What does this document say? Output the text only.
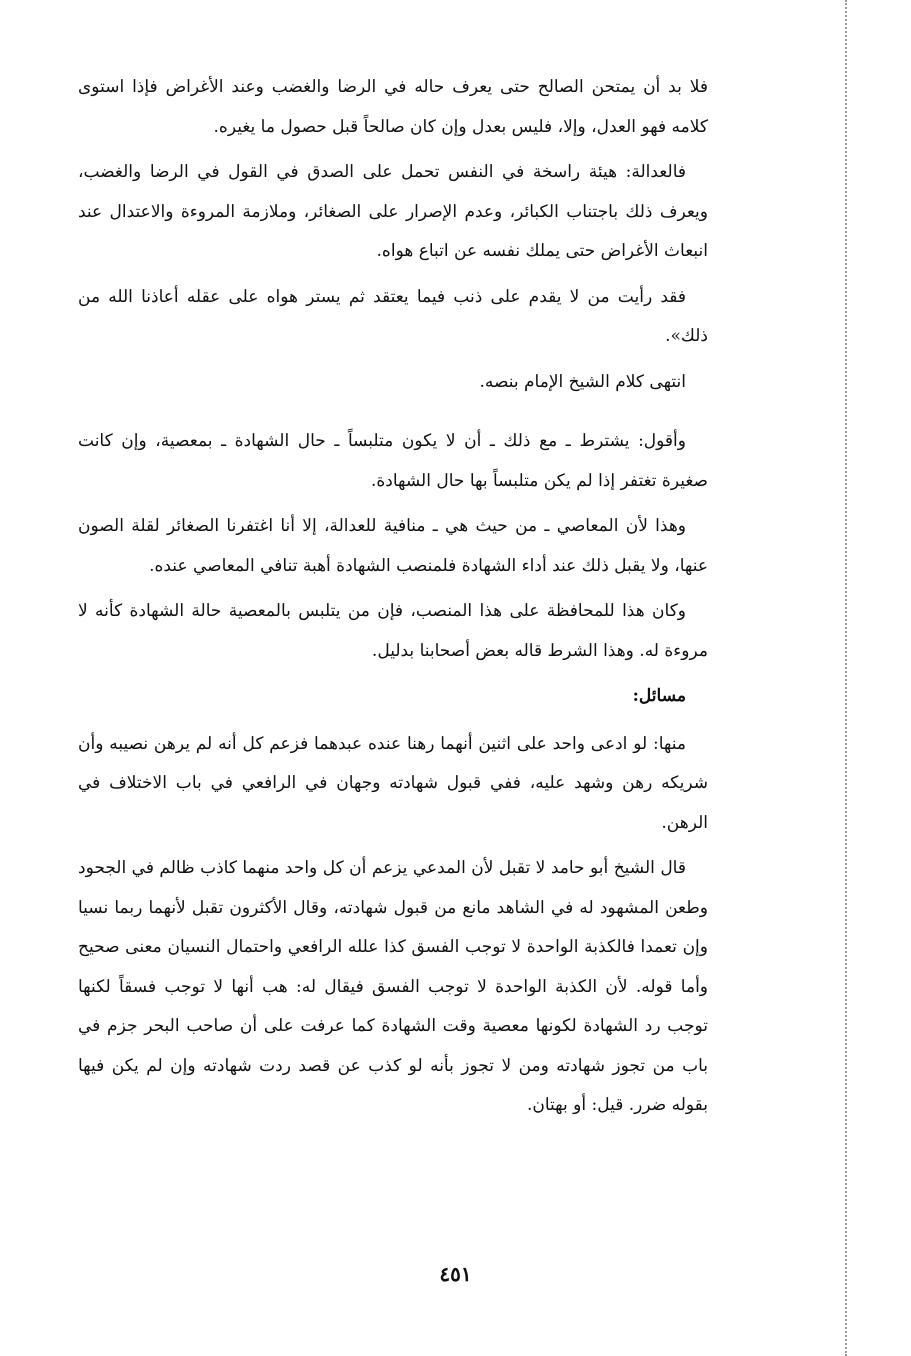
فلا بد أن يمتحن الصالح حتى يعرف حاله في الرضا والغضب وعند الأغراض فإذا استوى كلامه فهو العدل، وإلا، فليس بعدل وإن كان صالحاً قبل حصول ما يغيره.

فالعدالة: هيئة راسخة في النفس تحمل على الصدق في القول في الرضا والغضب، ويعرف ذلك باجتناب الكبائر، وعدم الإصرار على الصغائر، وملازمة المروءة والاعتدال عند انبعاث الأغراض حتى يملك نفسه عن اتباع هواه.

فقد رأيت من لا يقدم على ذنب فيما يعتقد ثم يستر هواه على عقله أعاذنا الله من ذلك».

انتهى كلام الشيخ الإمام بنصه.

وأقول: يشترط ـ مع ذلك ـ أن لا يكون متلبساً ـ حال الشهادة ـ بمعصية، وإن كانت صغيرة تغتفر إذا لم يكن متلبساً بها حال الشهادة.

وهذا لأن المعاصي ـ من حيث هي ـ منافية للعدالة، إلا أنا اغتفرنا الصغائر لقلة الصون عنها، ولا يقبل ذلك عند أداء الشهادة فلمنصب الشهادة أهبة تنافي المعاصي عنده.

وكان هذا للمحافظة على هذا المنصب، فإن من يتلبس بالمعصية حالة الشهادة كأنه لا مروءة له. وهذا الشرط قاله بعض أصحابنا بدليل.

مسائل:

منها: لو ادعى واحد على اثنين أنهما رهنا عنده عبدهما فزعم كل أنه لم يرهن نصيبه وأن شريكه رهن وشهد عليه، ففي قبول شهادته وجهان في الرافعي في باب الاختلاف في الرهن.

قال الشيخ أبو حامد لا تقبل لأن المدعي يزعم أن كل واحد منهما كاذب ظالم في الجحود وطعن المشهود له في الشاهد مانع من قبول شهادته، وقال الأكثرون تقبل لأنهما ربما نسيا وإن تعمدا فالكذبة الواحدة لا توجب الفسق كذا علله الرافعي واحتمال النسيان معنى صحيح وأما قوله. لأن الكذبة الواحدة لا توجب الفسق فيقال له: هب أنها لا توجب فسقاً لكنها توجب رد الشهادة لكونها معصية وقت الشهادة كما عرفت على أن صاحب البحر جزم في باب من تجوز شهادته ومن لا تجوز بأنه لو كذب عن قصد ردت شهادته وإن لم يكن فيها بقوله ضرر. قيل: أو بهتان.

٤٥١
